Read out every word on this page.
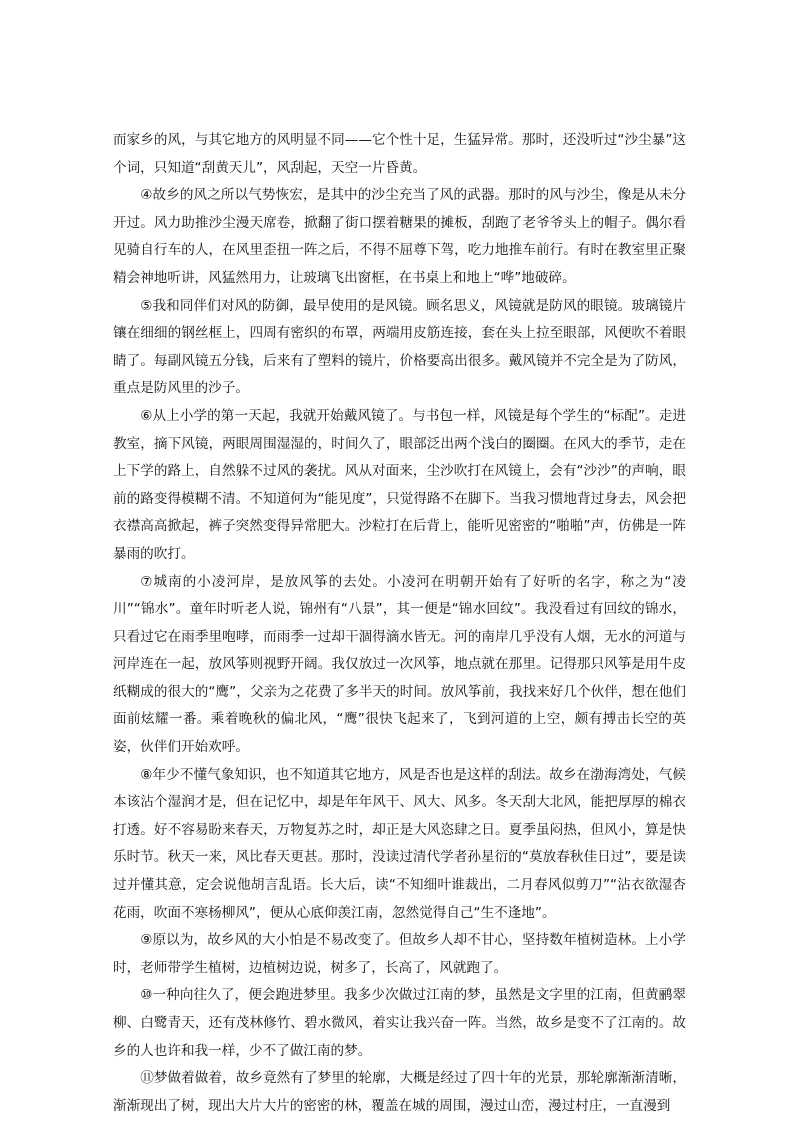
而家乡的风，与其它地方的风明显不同——它个性十足，生猛异常。那时，还没听过“沙尘暴”这个词，只知道“刮黄天儿”，风刮起，天空一片昏黄。

④故乡的风之所以气势恢宏，是其中的沙尘充当了风的武器。那时的风与沙尘，像是从未分开过。风力助推沙尘漫天席卷，掀翻了街口摆着糖果的摊板，刮跑了老爷爷头上的帽子。偶尔看见骑自行车的人，在风里歪扭一阵之后，不得不屈尊下驾，吃力地推车前行。有时在教室里正聚精会神地听讲，风猛然用力，让玻璃飞出窗框，在书桌上和地上“哗”地破碎。

⑤我和同伴们对风的防御，最早使用的是风镜。顾名思义，风镜就是防风的眼镜。玻璃镜片镶在细细的钢丝框上，四周有密织的布罩，两端用皮筋连接，套在头上拉至眼部，风便吹不着眼睛了。每副风镜五分钱，后来有了塑料的镜片，价格要高出很多。戴风镜并不完全是为了防风，重点是防风里的沙子。

⑥从上小学的第一天起，我就开始戴风镜了。与书包一样，风镜是每个学生的“标配”。走进教室，摘下风镜，两眼周围湿湿的，时间久了，眼部泛出两个浅白的圈圈。在风大的季节，走在上下学的路上，自然躲不过风的袭扰。风从对面来，尘沙吹打在风镜上，会有“沙沙”的声响，眼前的路变得模糊不清。不知道何为“能见度”，只觉得路不在脚下。当我习惯地背过身去，风会把衣襟高高掀起，裤子突然变得异常肥大。沙粒打在后背上，能听见密密的“啪啪”声，仿佛是一阵暴雨的吹打。

⑦城南的小凌河岸，是放风筝的去处。小凌河在明朝开始有了好听的名字，称之为“凌川”“锦水”。童年时听老人说，锦州有“八景”，其一便是“锦水回纹”。我没看过有回纹的锦水，只看过它在雨季里咆哮，而雨季一过却干涸得滴水皆无。河的南岸几乎没有人烟，无水的河道与河岸连在一起，放风筝则视野开阔。我仅放过一次风筝，地点就在那里。记得那只风筝是用牛皮纸糊成的很大的“鹰”，父亲为之花费了多半天的时间。放风筝前，我找来好几个伙伴，想在他们面前炫耀一番。乘着晚秋的偏北风，“鹰”很快飞起来了，飞到河道的上空，颇有搏击长空的英姿，伙伴们开始欢呼。

⑧年少不懂气象知识，也不知道其它地方，风是否也是这样的刮法。故乡在渤海湾处，气候本该沾个湿润才是，但在记忆中，却是年年风干、风大、风多。冬天刮大北风，能把厚厚的棉衣打透。好不容易盼来春天，万物复苏之时，却正是大风恣肆之日。夏季虽闷热，但风小，算是快乐时节。秋天一来，风比春天更甚。那时，没读过清代学者孙星衍的“莫放春秋佳日过”，要是读过并懂其意，定会说他胡言乱语。长大后，读“不知细叶谁裁出，二月春风似剪刀”“沾衣欲湿杏花雨，吹面不寒杨柳风”，便从心底仰羡江南，忽然觉得自己“生不逢地”。

⑨原以为，故乡风的大小怕是不易改变了。但故乡人却不甘心，坚持数年植树造林。上小学时，老师带学生植树，边植树边说，树多了，长高了，风就跑了。

⑩一种向往久了，便会跑进梦里。我多少次做过江南的梦，虽然是文字里的江南，但黄鹂翠柳、白鹭青天，还有茂林修竹、碧水微风，着实让我兴奋一阵。当然，故乡是变不了江南的。故乡的人也许和我一样，少不了做江南的梦。

⑪梦做着做着，故乡竟然有了梦里的轮廓，大概是经过了四十年的光景，那轮廓渐渐清晰，渐渐现出了树，现出大片大片的密密的林，覆盖在城的周围，漫过山峦，漫过村庄，一直漫到
